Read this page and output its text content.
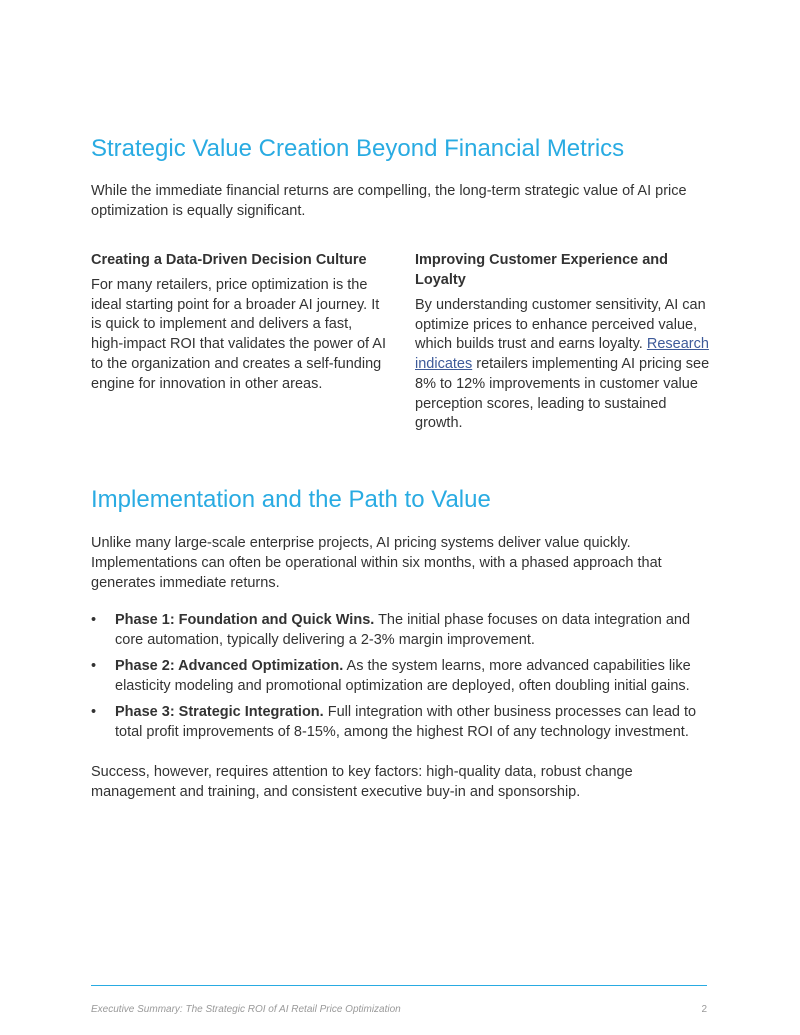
Strategic Value Creation Beyond Financial Metrics

While the immediate financial returns are compelling, the long-term strategic value of AI price optimization is equally significant.

Creating a Data-Driven Decision Culture

For many retailers, price optimization is the ideal starting point for a broader AI journey. It is quick to implement and delivers a fast, high-impact ROI that validates the power of AI to the organization and creates a self-funding engine for innovation in other areas.

Improving Customer Experience and Loyalty

By understanding customer sensitivity, AI can optimize prices to enhance perceived value, which builds trust and earns loyalty. Research indicates retailers implementing AI pricing see 8% to 12% improvements in customer value perception scores, leading to sustained growth.

Implementation and the Path to Value

Unlike many large-scale enterprise projects, AI pricing systems deliver value quickly. Implementations can often be operational within six months, with a phased approach that generates immediate returns.

• Phase 1: Foundation and Quick Wins. The initial phase focuses on data integration and core automation, typically delivering a 2-3% margin improvement.
• Phase 2: Advanced Optimization. As the system learns, more advanced capabilities like elasticity modeling and promotional optimization are deployed, often doubling initial gains.
• Phase 3: Strategic Integration. Full integration with other business processes can lead to total profit improvements of 8-15%, among the highest ROI of any technology investment.

Success, however, requires attention to key factors: high-quality data, robust change management and training, and consistent executive buy-in and sponsorship.

Executive Summary: The Strategic ROI of AI Retail Price Optimization	2
